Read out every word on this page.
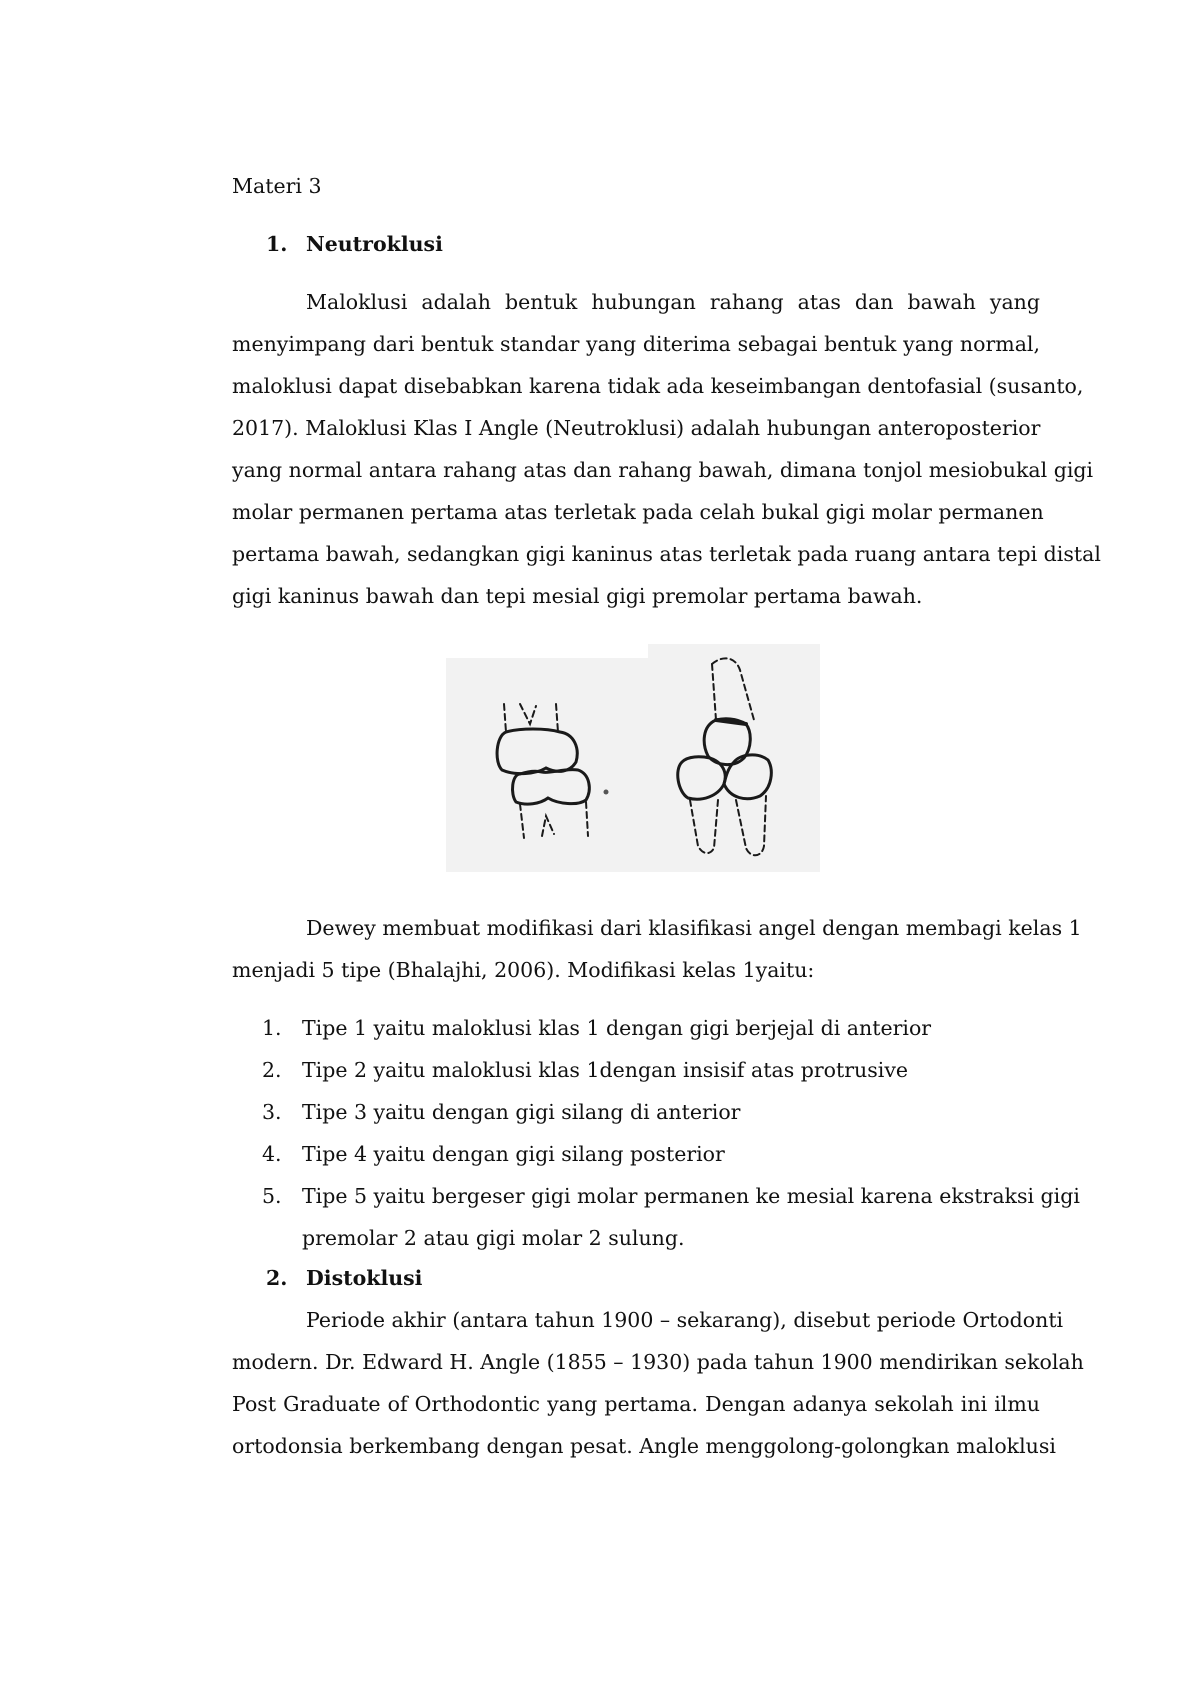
Materi 3
1. Neutroklusi
Maloklusi adalah bentuk hubungan rahang atas dan bawah yang
menyimpang dari bentuk standar yang diterima sebagai bentuk yang normal,
maloklusi dapat disebabkan karena tidak ada keseimbangan dentofasial (susanto,
2017). Maloklusi Klas I Angle (Neutroklusi) adalah hubungan anteroposterior
yang normal antara rahang atas dan rahang bawah, dimana tonjol mesiobukal gigi
molar permanen pertama atas terletak pada celah bukal gigi molar permanen
pertama bawah, sedangkan gigi kaninus atas terletak pada ruang antara tepi distal
gigi kaninus bawah dan tepi mesial gigi premolar pertama bawah.
Dewey membuat modifikasi dari klasifikasi angel dengan membagi kelas 1
menjadi 5 tipe (Bhalajhi, 2006). Modifikasi kelas 1yaitu:
1. Tipe 1 yaitu maloklusi klas 1 dengan gigi berjejal di anterior
2. Tipe 2 yaitu maloklusi klas 1dengan insisif atas protrusive
3. Tipe 3 yaitu dengan gigi silang di anterior
4. Tipe 4 yaitu dengan gigi silang posterior
5. Tipe 5 yaitu bergeser gigi molar permanen ke mesial karena ekstraksi gigi
premolar 2 atau gigi molar 2 sulung.
2. Distoklusi
Periode akhir (antara tahun 1900 – sekarang), disebut periode Ortodonti
modern. Dr. Edward H. Angle (1855 – 1930) pada tahun 1900 mendirikan sekolah
Post Graduate of Orthodontic yang pertama. Dengan adanya sekolah ini ilmu
ortodonsia berkembang dengan pesat. Angle menggolong-golongkan maloklusi
